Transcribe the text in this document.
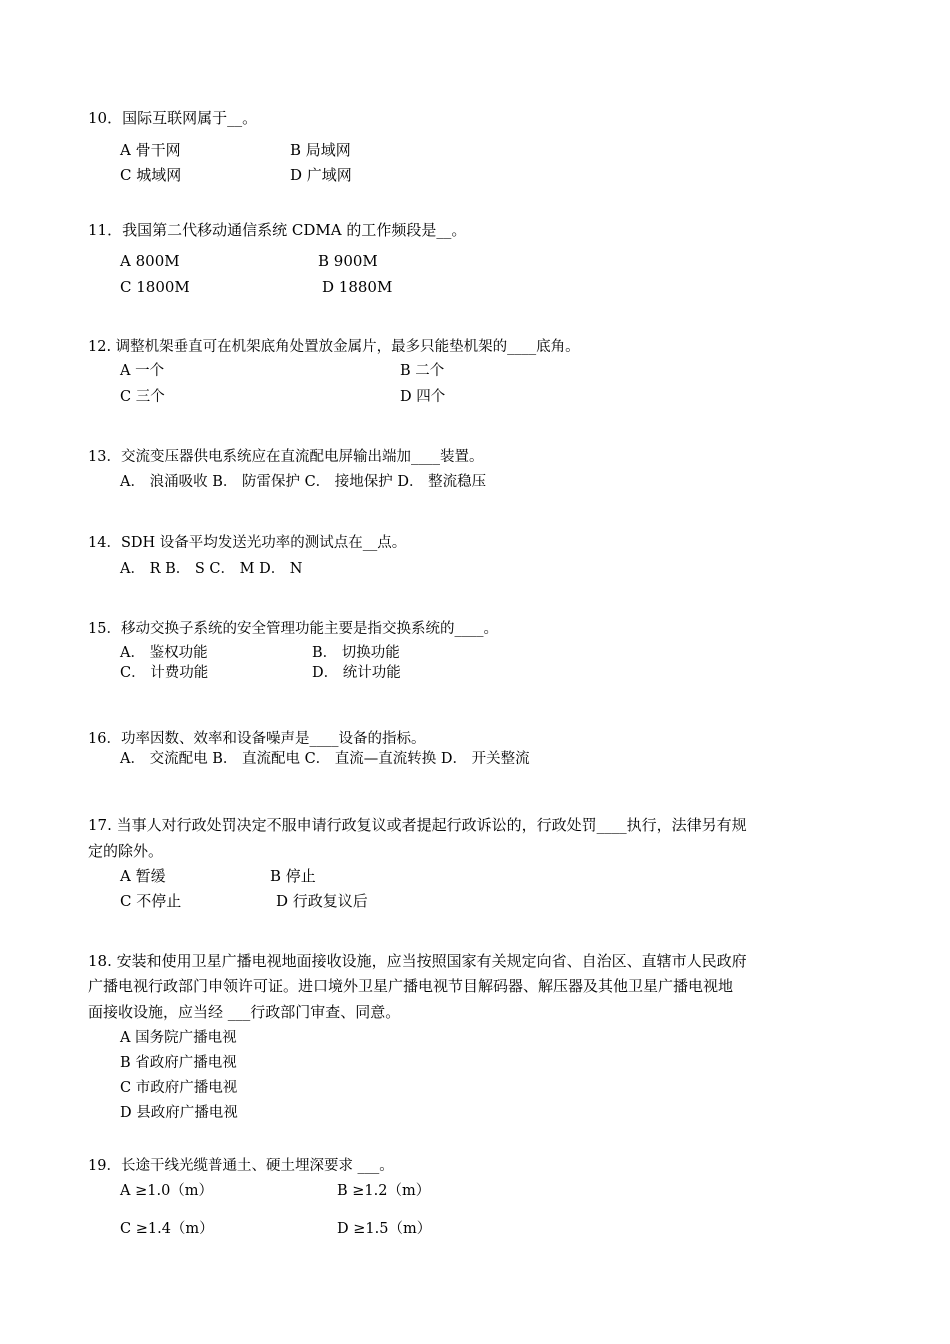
10．国际互联网属于__。
A 骨干网	B 局域网
C 城域网	D 广域网
11．我国第二代移动通信系统 CDMA 的工作频段是__。
A 800M	B 900M
C 1800M	D 1880M
12. 调整机架垂直可在机架底角处置放金属片，最多只能垫机架的____底角。
A 一个	B 二个
C 三个	D 四个
13．交流变压器供电系统应在直流配电屏输出端加____装置。
A． 浪涌吸收 B． 防雷保护 C． 接地保护 D． 整流稳压
14．SDH 设备平均发送光功率的测试点在__点。
A． R B． S C． M D． N
15．移动交换子系统的安全管理功能主要是指交换系统的____。
A． 鉴权功能	B． 切换功能
C． 计费功能	D． 统计功能
16．功率因数、效率和设备噪声是____设备的指标。
A． 交流配电 B． 直流配电 C． 直流—直流转换 D． 开关整流
17. 当事人对行政处罚决定不服申请行政复议或者提起行政诉讼的，行政处罚____执行，法律另有规
定的除外。
A 暂缓	B 停止
C 不停止	D 行政复议后
18. 安装和使用卫星广播电视地面接收设施，应当按照国家有关规定向省、自治区、直辖市人民政府
广播电视行政部门申领许可证。进口境外卫星广播电视节目解码器、解压器及其他卫星广播电视地
面接收设施，应当经 ___行政部门审查、同意。
A 国务院广播电视
B 省政府广播电视
C 市政府广播电视
D 县政府广播电视
19．长途干线光缆普通土、硬土埋深要求 ___。
A ≥1.0（m）	B ≥1.2（m）
C ≥1.4（m）	D ≥1.5（m）
